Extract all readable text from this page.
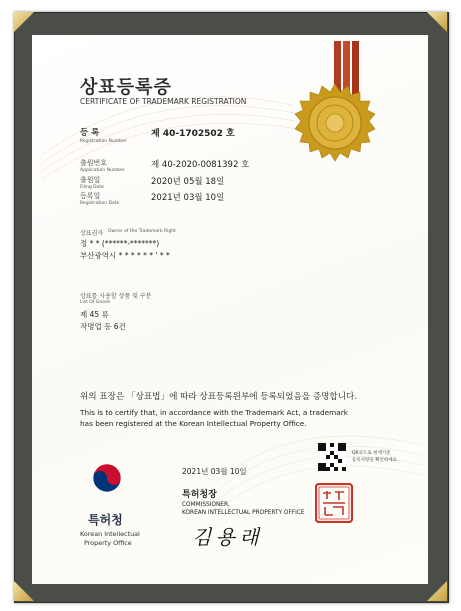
상표등록증
CERTIFICATE OF TRADEMARK REGISTRATION
등 록
Registration Number
제 40-1702502 호
출원번호
Application Number
제 40-2020-0081392 호
출원일
Filing Date
2020년 05월 18일
등록일
Registration Date
2021년 03월 10일
상표권자 Owner of the Trademark Right
정 * * (******-*******)
부산광역시 * * * * * * ' * *
상표를 사용할 상품 및 구분
List Of Goods
제 45 류
작명업 등 6건
위의 표장은 「상표법」에 따라 상표등록원부에 등록되었음을 증명합니다.
This is to certify that, in accordance with the Trademark Act, a trademark
has been registered at the Korean Intellectual Property Office.
2021년 03월 10일
QR코드로 현재기준
등록사항을 확인하세요
특허청장
COMMISSIONER,
KOREAN INTELLECTUAL PROPERTY OFFICE
김 용 래
특허청
Korean Intellectual
Property Office
